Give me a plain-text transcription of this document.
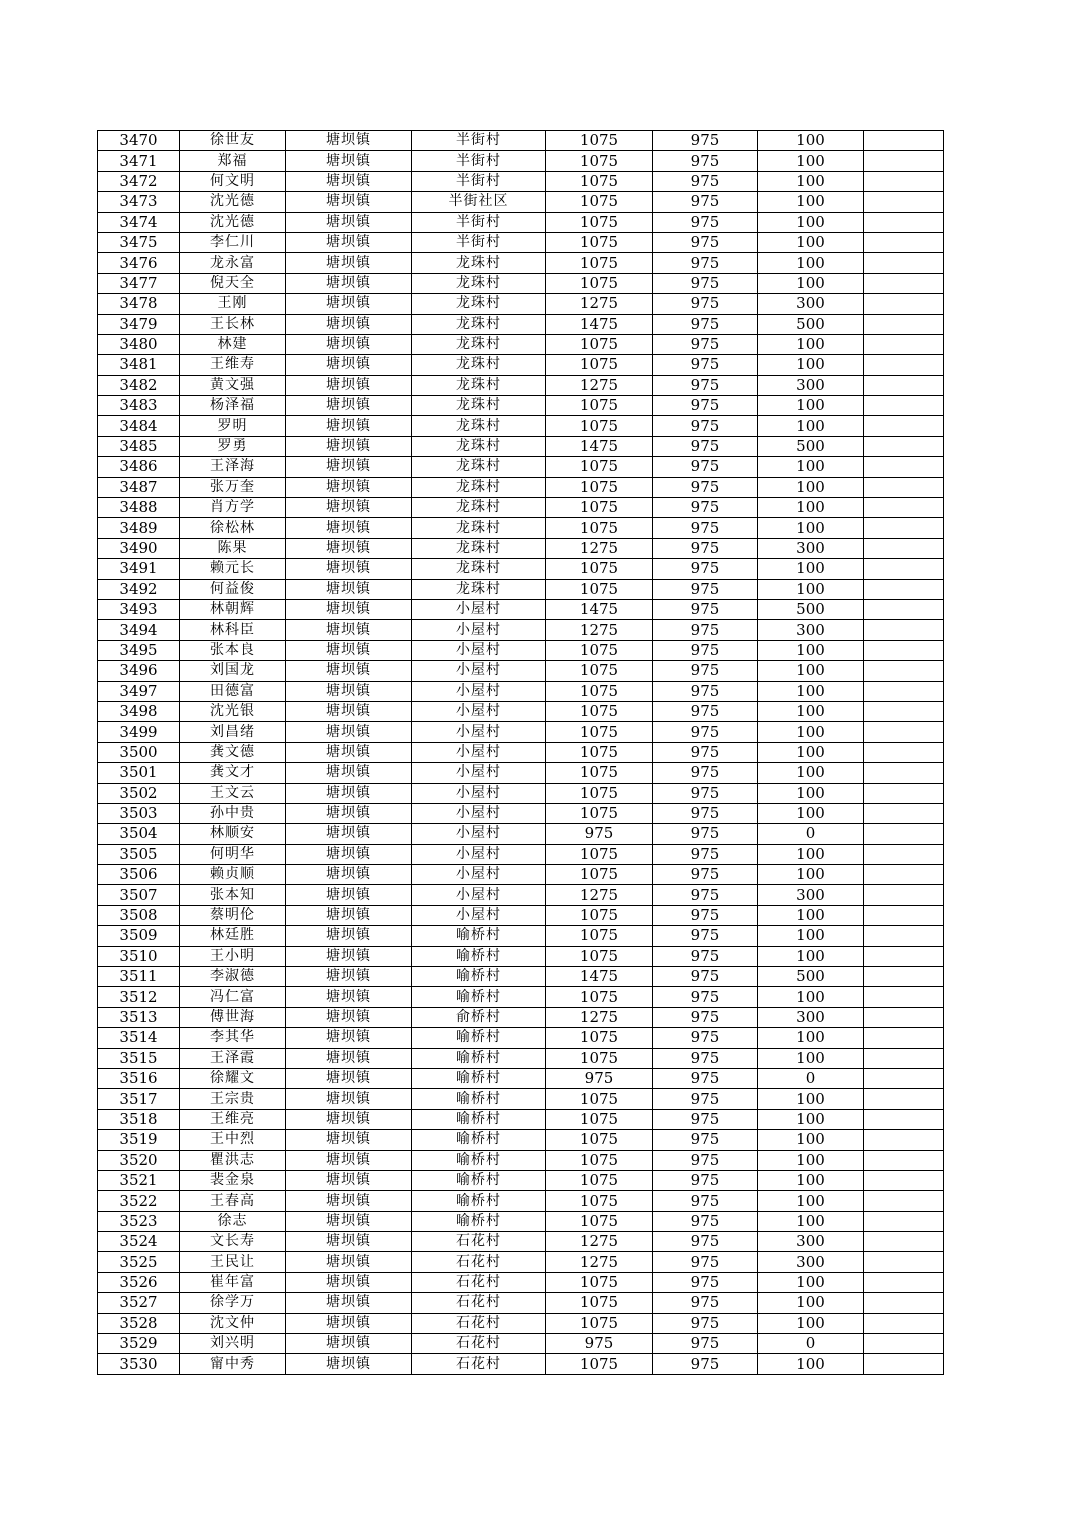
3470	徐世友	塘坝镇	半街村	1075	975	100	
3471	郑福	塘坝镇	半街村	1075	975	100	
3472	何文明	塘坝镇	半街村	1075	975	100	
3473	沈光德	塘坝镇	半街社区	1075	975	100	
3474	沈光德	塘坝镇	半街村	1075	975	100	
3475	李仁川	塘坝镇	半街村	1075	975	100	
3476	龙永富	塘坝镇	龙珠村	1075	975	100	
3477	倪天全	塘坝镇	龙珠村	1075	975	100	
3478	王刚	塘坝镇	龙珠村	1275	975	300	
3479	王长林	塘坝镇	龙珠村	1475	975	500	
3480	林建	塘坝镇	龙珠村	1075	975	100	
3481	王维寿	塘坝镇	龙珠村	1075	975	100	
3482	黄文强	塘坝镇	龙珠村	1275	975	300	
3483	杨泽福	塘坝镇	龙珠村	1075	975	100	
3484	罗明	塘坝镇	龙珠村	1075	975	100	
3485	罗勇	塘坝镇	龙珠村	1475	975	500	
3486	王泽海	塘坝镇	龙珠村	1075	975	100	
3487	张万奎	塘坝镇	龙珠村	1075	975	100	
3488	肖方学	塘坝镇	龙珠村	1075	975	100	
3489	徐松林	塘坝镇	龙珠村	1075	975	100	
3490	陈果	塘坝镇	龙珠村	1275	975	300	
3491	赖元长	塘坝镇	龙珠村	1075	975	100	
3492	何益俊	塘坝镇	龙珠村	1075	975	100	
3493	林朝辉	塘坝镇	小屋村	1475	975	500	
3494	林科臣	塘坝镇	小屋村	1275	975	300	
3495	张本良	塘坝镇	小屋村	1075	975	100	
3496	刘国龙	塘坝镇	小屋村	1075	975	100	
3497	田德富	塘坝镇	小屋村	1075	975	100	
3498	沈光银	塘坝镇	小屋村	1075	975	100	
3499	刘昌绪	塘坝镇	小屋村	1075	975	100	
3500	龚文德	塘坝镇	小屋村	1075	975	100	
3501	龚文才	塘坝镇	小屋村	1075	975	100	
3502	王文云	塘坝镇	小屋村	1075	975	100	
3503	孙中贵	塘坝镇	小屋村	1075	975	100	
3504	林顺安	塘坝镇	小屋村	975	975	0	
3505	何明华	塘坝镇	小屋村	1075	975	100	
3506	赖贞顺	塘坝镇	小屋村	1075	975	100	
3507	张本知	塘坝镇	小屋村	1275	975	300	
3508	蔡明伦	塘坝镇	小屋村	1075	975	100	
3509	林廷胜	塘坝镇	喻桥村	1075	975	100	
3510	王小明	塘坝镇	喻桥村	1075	975	100	
3511	李淑德	塘坝镇	喻桥村	1475	975	500	
3512	冯仁富	塘坝镇	喻桥村	1075	975	100	
3513	傅世海	塘坝镇	俞桥村	1275	975	300	
3514	李其华	塘坝镇	喻桥村	1075	975	100	
3515	王泽霞	塘坝镇	喻桥村	1075	975	100	
3516	徐耀文	塘坝镇	喻桥村	975	975	0	
3517	王宗贵	塘坝镇	喻桥村	1075	975	100	
3518	王维亮	塘坝镇	喻桥村	1075	975	100	
3519	王中烈	塘坝镇	喻桥村	1075	975	100	
3520	瞿洪志	塘坝镇	喻桥村	1075	975	100	
3521	裴金泉	塘坝镇	喻桥村	1075	975	100	
3522	王春高	塘坝镇	喻桥村	1075	975	100	
3523	徐志	塘坝镇	喻桥村	1075	975	100	
3524	文长寿	塘坝镇	石花村	1275	975	300	
3525	王民让	塘坝镇	石花村	1275	975	300	
3526	崔年富	塘坝镇	石花村	1075	975	100	
3527	徐学万	塘坝镇	石花村	1075	975	100	
3528	沈文仲	塘坝镇	石花村	1075	975	100	
3529	刘兴明	塘坝镇	石花村	975	975	0	
3530	甯中秀	塘坝镇	石花村	1075	975	100	
